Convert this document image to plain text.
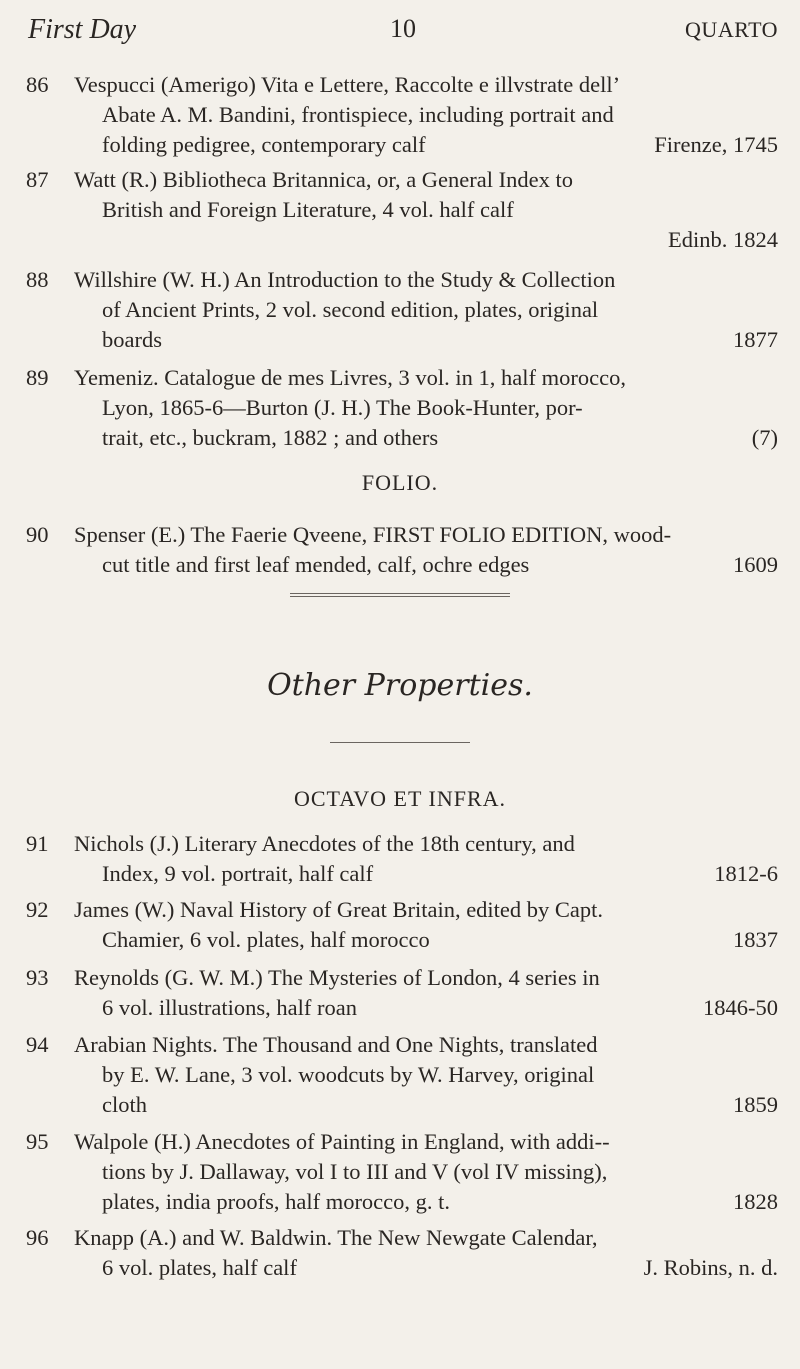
First Day	10	QUARTO
86	Vespucci (Amerigo) Vita e Lettere, Raccolte e illvstrate dell’
Abate A. M. Bandini, frontispiece, including portrait and
folding pedigree, contemporary calf	Firenze, 1745
87	Watt (R.) Bibliotheca Britannica, or, a General Index to
British and Foreign Literature, 4 vol. half calf
Edinb. 1824
88	Willshire (W. H.) An Introduction to the Study & Collection
of Ancient Prints, 2 vol. second edition, plates, original
boards	1877
89	Yemeniz. Catalogue de mes Livres, 3 vol. in 1, half morocco,
Lyon, 1865-6—Burton (J. H.) The Book-Hunter, por-
trait, etc., buckram, 1882 ; and others	(7)
FOLIO.
90	Spenser (E.) The Faerie Qveene, FIRST FOLIO EDITION, wood-
cut title and first leaf mended, calf, ochre edges	1609
Other Properties.
OCTAVO ET INFRA.
91	Nichols (J.) Literary Anecdotes of the 18th century, and
Index, 9 vol. portrait, half calf	1812-6
92	James (W.) Naval History of Great Britain, edited by Capt.
Chamier, 6 vol. plates, half morocco	1837
93	Reynolds (G. W. M.) The Mysteries of London, 4 series in
6 vol. illustrations, half roan	1846-50
94	Arabian Nights. The Thousand and One Nights, translated
by E. W. Lane, 3 vol. woodcuts by W. Harvey, original
cloth	1859
95	Walpole (H.) Anecdotes of Painting in England, with addi--
tions by J. Dallaway, vol I to III and V (vol IV missing),
plates, india proofs, half morocco, g. t.	1828
96	Knapp (A.) and W. Baldwin. The New Newgate Calendar,
6 vol. plates, half calf	J. Robins, n. d.
